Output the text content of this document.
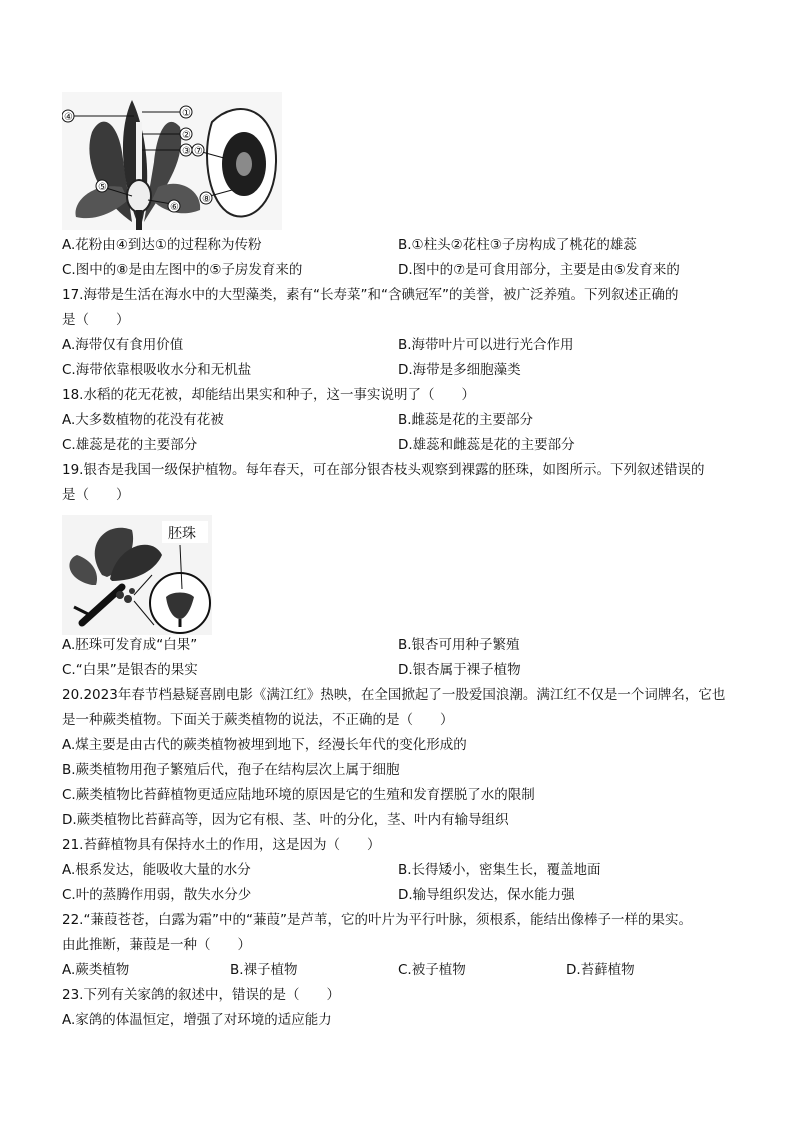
①
②
③
④
⑤
⑥
⑦
⑧
A.花粉由④到达①的过程称为传粉	B.①柱头②花柱③子房构成了桃花的雄蕊
C.图中的⑧是由左图中的⑤子房发育来的	D.图中的⑦是可食用部分，主要是由⑤发育来的
17.海带是生活在海水中的大型藻类，素有“长寿菜”和“含碘冠军”的美誉，被广泛养殖。下列叙述正确的
是（　　）
A.海带仅有食用价值	B.海带叶片可以进行光合作用
C.海带依靠根吸收水分和无机盐	D.海带是多细胞藻类
18.水稻的花无花被，却能结出果实和种子，这一事实说明了（　　）
A.大多数植物的花没有花被	B.雌蕊是花的主要部分
C.雄蕊是花的主要部分	D.雄蕊和雌蕊是花的主要部分
19.银杏是我国一级保护植物。每年春天，可在部分银杏枝头观察到裸露的胚珠，如图所示。下列叙述错误的
是（　　）
胚珠
A.胚珠可发育成“白果”	B.银杏可用种子繁殖
C.“白果”是银杏的果实	D.银杏属于裸子植物
20.2023年春节档悬疑喜剧电影《满江红》热映，在全国掀起了一股爱国浪潮。满江红不仅是一个词牌名，它也
是一种蕨类植物。下面关于蕨类植物的说法，不正确的是（　　）
A.煤主要是由古代的蕨类植物被埋到地下，经漫长年代的变化形成的
B.蕨类植物用孢子繁殖后代，孢子在结构层次上属于细胞
C.蕨类植物比苔藓植物更适应陆地环境的原因是它的生殖和发育摆脱了水的限制
D.蕨类植物比苔藓高等，因为它有根、茎、叶的分化，茎、叶内有输导组织
21.苔藓植物具有保持水土的作用，这是因为（　　）
A.根系发达，能吸收大量的水分	B.长得矮小，密集生长，覆盖地面
C.叶的蒸腾作用弱，散失水分少	D.输导组织发达，保水能力强
22.“蒹葭苍苍，白露为霜”中的“蒹葭”是芦苇，它的叶片为平行叶脉，须根系，能结出像棒子一样的果实。
由此推断，蒹葭是一种（　　）
A.蕨类植物	B.裸子植物	C.被子植物	D.苔藓植物
23.下列有关家鸽的叙述中，错误的是（　　）
A.家鸽的体温恒定，增强了对环境的适应能力
